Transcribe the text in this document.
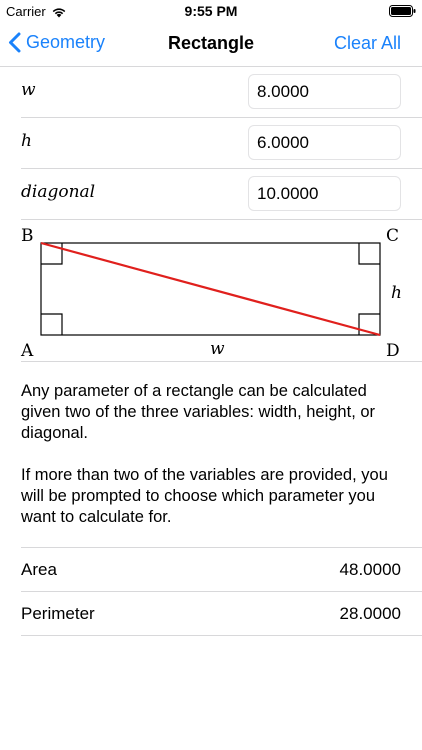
Carrier	9:55 PM
Geometry	Rectangle	Clear All
w	8.0000
h	6.0000
diagonal	10.0000
B	C
A	D
w
h

Any parameter of a rectangle can be calculated given two of the three variables: width, height, or diagonal.

If more than two of the variables are provided, you will be prompted to choose which parameter you want to calculate for.

Area	48.0000
Perimeter	28.0000
